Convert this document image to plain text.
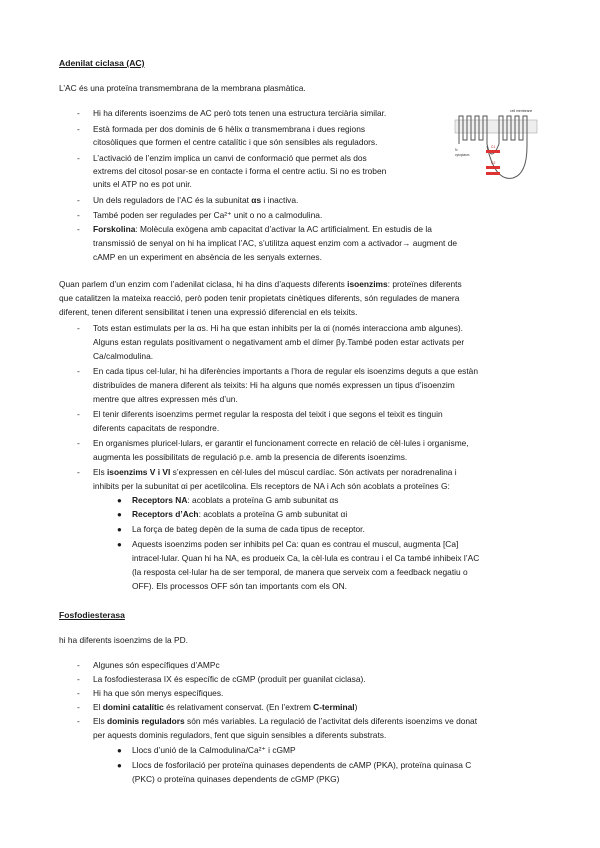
Adenilat ciclasa (AC)
L’AC és una proteïna transmembrana de la membrana plasmàtica.
- Hi ha diferents isoenzims de AC però tots tenen una estructura terciària similar.
- Està formada per dos dominis de 6 hèlix α transmembrana i dues regions
citosòliques que formen el centre catalític i que són sensibles als reguladors.
- L’activació de l’enzim implica un canvi de conformació que permet als dos
extrems del citosol posar-se en contacte i forma el centre actiu. Si no es troben
units el ATP no es pot unir.
- Un dels reguladors de l’AC és la subunitat αs i inactiva.
- També poden ser regulades per Ca²⁺ unit o no a calmodulina.
- Forskolina: Molècula exògena amb capacitat d’activar la AC artificialment. En estudis de la
transmissió de senyal on hi ha implicat l’AC, s’utilitza aquest enzim com a activador→ augment de
cAMP en un experiment en absència de les senyals externes.
cell membrane
N
cytoplasm
C1
C2
Quan parlem d’un enzim com l’adenilat ciclasa, hi ha dins d’aquests diferents isoenzims: proteïnes diferents
que catalitzen la mateixa reacció, però poden tenir propietats cinètiques diferents, són regulades de manera
diferent, tenen diferent sensibilitat i tenen una expressió diferencial en els teixits.
- Tots estan estimulats per la αs. Hi ha que estan inhibits per la αi (només interacciona amb algunes).
Alguns estan regulats positivament o negativament amb el dímer βγ.També poden estar activats per
Ca/calmodulina.
- En cada tipus cel·lular, hi ha diferències importants a l’hora de regular els isoenzims deguts a que estàn
distribuïdes de manera diferent als teixits: Hi ha alguns que només expressen un tipus d’isoenzim
mentre que altres expressen més d’un.
- El tenir diferents isoenzims permet regular la resposta del teixit i que segons el teixit es tinguin
diferents capacitats de respondre.
- En organismes pluricel·lulars, er garantir el funcionament correcte en relació de cèl·lules i organisme,
augmenta les possibilitats de regulació p.e. amb la presencia de diferents isoenzims.
- Els isoenzims V i VI s’expressen en cèl·lules del múscul cardíac. Són activats per noradrenalina i
inhibits per la subunitat αi per acetilcolina. Els receptors de NA i Ach són acoblats a proteïnes G:
● Receptors NA: acoblats a proteïna G amb subunitat αs
● Receptors d’Ach: acoblats a proteïna G amb subunitat αi
● La força de bateg depèn de la suma de cada tipus de receptor.
● Aquests isoenzims poden ser inhibits pel Ca: quan es contrau el muscul, augmenta [Ca]
intracel·lular. Quan hi ha NA, es produeix Ca, la cèl·lula es contrau i el Ca també inhibeix l’AC
(la resposta cel·lular ha de ser temporal, de manera que serveix com a feedback negatiu o
OFF). Els processos OFF són tan importants com els ON.
Fosfodiesterasa
hi ha diferents isoenzims de la PD.
- Algunes són específiques d’AMPc
- La fosfodiesterasa IX és específic de cGMP (produït per guanilat ciclasa).
- Hi ha que són menys específiques.
- El domini catalític és relativament conservat. (En l’extrem C-terminal)
- Els dominis reguladors són més variables. La regulació de l’activitat dels diferents isoenzims ve donat
per aquests dominis reguladors, fent que siguin sensibles a diferents substrats.
● Llocs d’unió de la Calmodulina/Ca²⁺ i cGMP
● Llocs de fosforilació per proteïna quinases dependents de cAMP (PKA), proteïna quinasa C
(PKC) o proteïna quinases dependents de cGMP (PKG)
